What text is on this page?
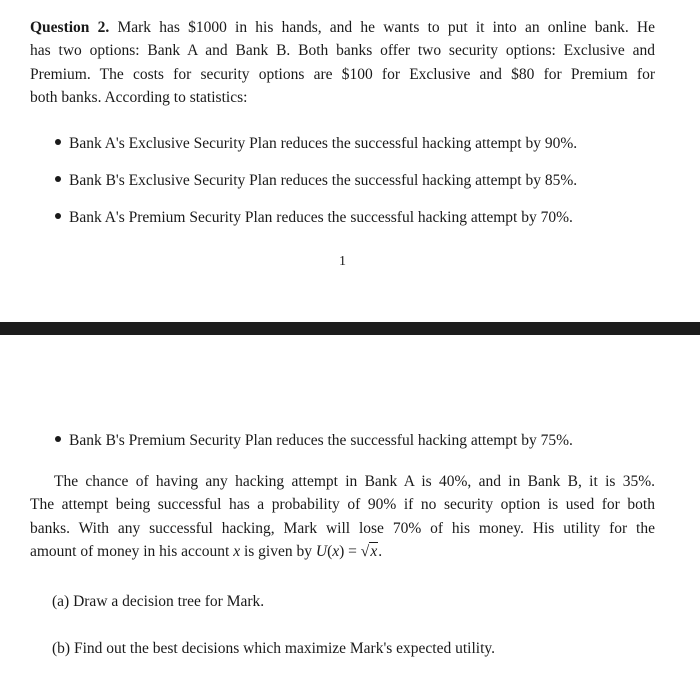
Question 2. Mark has $1000 in his hands, and he wants to put it into an online bank. He
has two options: Bank A and Bank B. Both banks offer two security options: Exclusive and
Premium. The costs for security options are $100 for Exclusive and $80 for Premium for
both banks. According to statistics:
Bank A's Exclusive Security Plan reduces the successful hacking attempt by 90%.
Bank B's Exclusive Security Plan reduces the successful hacking attempt by 85%.
Bank A's Premium Security Plan reduces the successful hacking attempt by 70%.
1
Bank B's Premium Security Plan reduces the successful hacking attempt by 75%.
The chance of having any hacking attempt in Bank A is 40%, and in Bank B, it is 35%.
The attempt being successful has a probability of 90% if no security option is used for both
banks. With any successful hacking, Mark will lose 70% of his money. His utility for the
amount of money in his account x is given by U(x) = √x.
(a) Draw a decision tree for Mark.
(b) Find out the best decisions which maximize Mark's expected utility.
